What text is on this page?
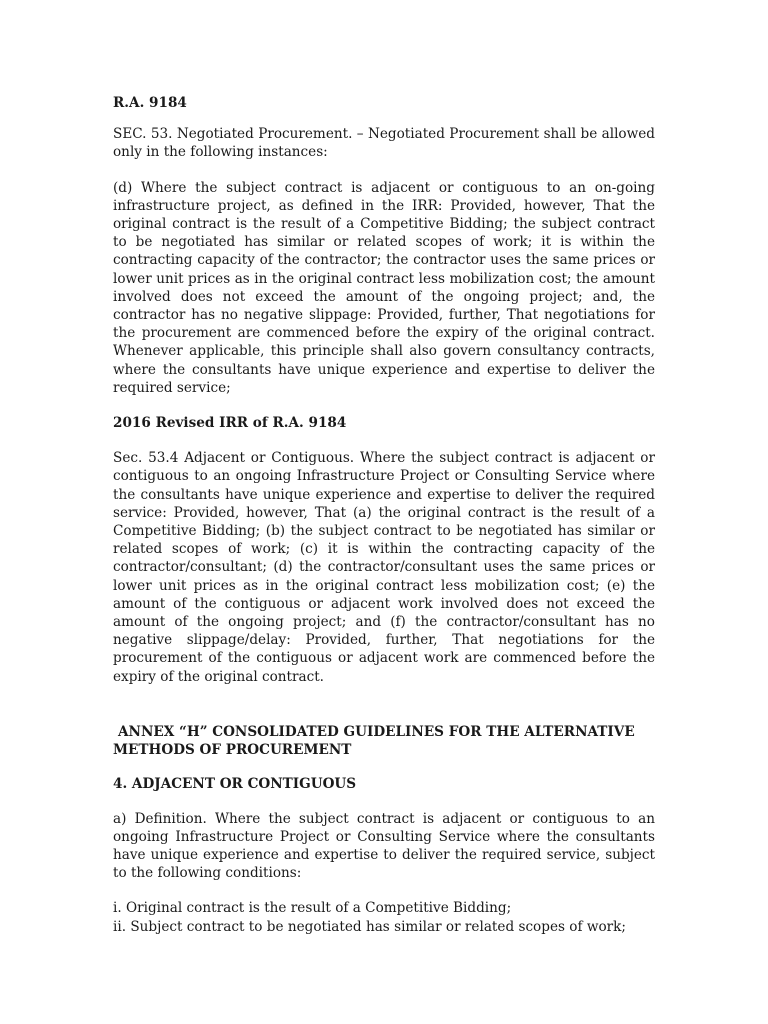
R.A. 9184

SEC. 53. Negotiated Procurement. – Negotiated Procurement shall be allowed only in the following instances:

(d) Where the subject contract is adjacent or contiguous to an on-going infrastructure project, as defined in the IRR: Provided, however, That the original contract is the result of a Competitive Bidding; the subject contract to be negotiated has similar or related scopes of work; it is within the contracting capacity of the contractor; the contractor uses the same prices or lower unit prices as in the original contract less mobilization cost; the amount involved does not exceed the amount of the ongoing project; and, the contractor has no negative slippage: Provided, further, That negotiations for the procurement are commenced before the expiry of the original contract. Whenever applicable, this principle shall also govern consultancy contracts, where the consultants have unique experience and expertise to deliver the required service;

2016 Revised IRR of R.A. 9184

Sec. 53.4 Adjacent or Contiguous. Where the subject contract is adjacent or contiguous to an ongoing Infrastructure Project or Consulting Service where the consultants have unique experience and expertise to deliver the required service: Provided, however, That (a) the original contract is the result of a Competitive Bidding; (b) the subject contract to be negotiated has similar or related scopes of work; (c) it is within the contracting capacity of the contractor/consultant; (d) the contractor/consultant uses the same prices or lower unit prices as in the original contract less mobilization cost; (e) the amount of the contiguous or adjacent work involved does not exceed the amount of the ongoing project; and (f) the contractor/consultant has no negative slippage/delay: Provided, further, That negotiations for the procurement of the contiguous or adjacent work are commenced before the expiry of the original contract.

ANNEX “H” CONSOLIDATED GUIDELINES FOR THE ALTERNATIVE METHODS OF PROCUREMENT

4. ADJACENT OR CONTIGUOUS

a) Definition. Where the subject contract is adjacent or contiguous to an ongoing Infrastructure Project or Consulting Service where the consultants have unique experience and expertise to deliver the required service, subject to the following conditions:

i. Original contract is the result of a Competitive Bidding;

ii. Subject contract to be negotiated has similar or related scopes of work;
